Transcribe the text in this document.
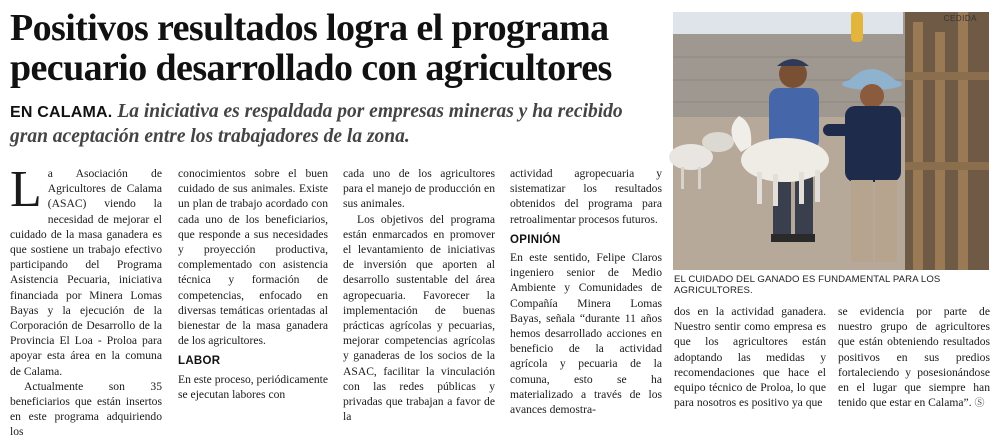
Positivos resultados logra el programa pecuario desarrollado con agricultores
EN CALAMA. La iniciativa es respaldada por empresas mineras y ha recibido gran aceptación entre los trabajadores de la zona.
CEDIDA
EL CUIDADO DEL GANADO ES FUNDAMENTAL PARA LOS AGRICULTORES.

La Asociación de Agricultores de Calama (ASAC) viendo la necesidad de mejorar el cuidado de la masa ganadera es que sostiene un trabajo efectivo participando del Programa Asistencia Pecuaria, iniciativa financiada por Minera Lomas Bayas y la ejecución de la Corporación de Desarrollo de la Provincia El Loa - Proloa para apoyar esta área en la comuna de Calama.

Actualmente son 35 beneficiarios que están insertos en este programa adquiriendo los

conocimientos sobre el buen cuidado de sus animales. Existe un plan de trabajo acordado con cada uno de los beneficiarios, que responde a sus necesidades y proyección productiva, complementado con asistencia técnica y formación de competencias, enfocado en diversas temáticas orientadas al bienestar de la masa ganadera de los agricultores.

LABOR

En este proceso, periódicamente se ejecutan labores con

cada uno de los agricultores para el manejo de producción en sus animales.

Los objetivos del programa están enmarcados en promover el levantamiento de iniciativas de inversión que aporten al desarrollo sustentable del área agropecuaria. Favorecer la implementación de buenas prácticas agrícolas y pecuarias, mejorar competencias agrícolas y ganaderas de los socios de la ASAC, facilitar la vinculación con las redes públicas y privadas que trabajan a favor de la

actividad agropecuaria y sistematizar los resultados obtenidos del programa para retroalimentar procesos futuros.

OPINIÓN

En este sentido, Felipe Claros ingeniero senior de Medio Ambiente y Comunidades de Compañía Minera Lomas Bayas, señala “durante 11 años hemos desarrollado acciones en beneficio de la actividad agrícola y pecuaria de la comuna, esto se ha materializado a través de los avances demostra-

dos en la actividad ganadera. Nuestro sentir como empresa es que los agricultores están adoptando las medidas y recomendaciones que hace el equipo técnico de Proloa, lo que para nosotros es positivo ya que

se evidencia por parte de nuestro grupo de agricultores que están obteniendo resultados positivos en sus predios fortaleciendo y posesionándose en el lugar que siempre han tenido que estar en Calama”. Ⓢ
